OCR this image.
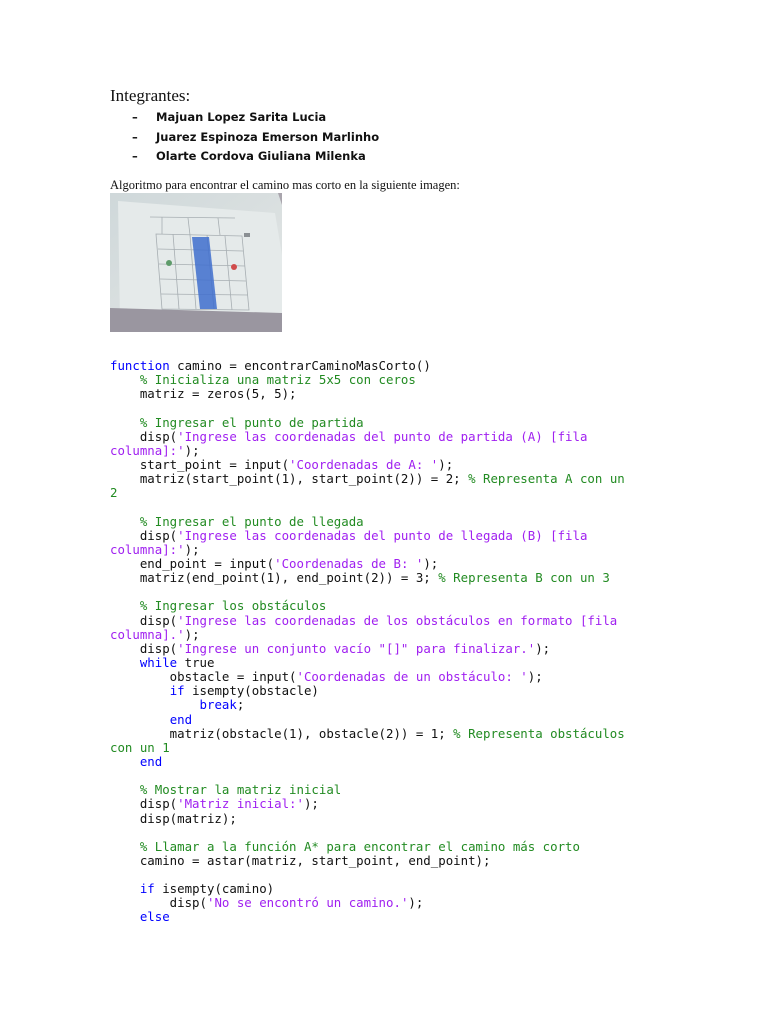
Integrantes:
– Majuan Lopez Sarita Lucia
– Juarez Espinoza Emerson Marlinho
– Olarte Cordova Giuliana Milenka
Algoritmo para encontrar el camino mas corto en la siguiente imagen:
function camino = encontrarCaminoMasCorto()
% Inicializa una matriz 5x5 con ceros
matriz = zeros(5, 5);

% Ingresar el punto de partida
disp('Ingrese las coordenadas del punto de partida (A) [fila
columna]:');
start_point = input('Coordenadas de A: ');
matriz(start_point(1), start_point(2)) = 2; % Representa A con un
2

% Ingresar el punto de llegada
disp('Ingrese las coordenadas del punto de llegada (B) [fila
columna]:');
end_point = input('Coordenadas de B: ');
matriz(end_point(1), end_point(2)) = 3; % Representa B con un 3

% Ingresar los obstáculos
disp('Ingrese las coordenadas de los obstáculos en formato [fila
columna].');
disp('Ingrese un conjunto vacío "[]" para finalizar.');
while true
obstacle = input('Coordenadas de un obstáculo: ');
if isempty(obstacle)
break;
end
matriz(obstacle(1), obstacle(2)) = 1; % Representa obstáculos
con un 1
end

% Mostrar la matriz inicial
disp('Matriz inicial:');
disp(matriz);

% Llamar a la función A* para encontrar el camino más corto
camino = astar(matriz, start_point, end_point);

if isempty(camino)
disp('No se encontró un camino.');
else
